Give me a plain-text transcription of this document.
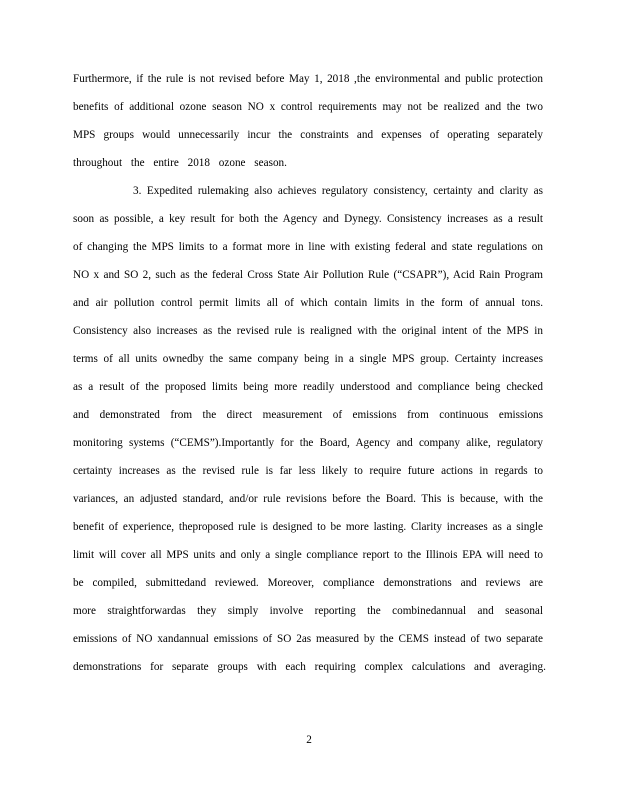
Furthermore, if the rule is not revised before May 1, 2018 ,the environmental and public protection
benefits of additional ozone season NO x control requirements may not be realized and the two
MPS groups would unnecessarily incur the constraints and expenses of operating separately
throughout the entire 2018 ozone season.
3. Expedited rulemaking also achieves regulatory consistency, certainty and clarity as
soon as possible, a key result for both the Agency and Dynegy. Consistency increases as a result
of changing the MPS limits to a format more in line with existing federal and state regulations on
NO x and SO 2, such as the federal Cross State Air Pollution Rule (“CSAPR”), Acid Rain Program
and air pollution control permit limits all of which contain limits in the form of annual tons.
Consistency also increases as the revised rule is realigned with the original intent of the MPS in
terms of all units ownedby the same company being in a single MPS group. Certainty increases
as a result of the proposed limits being more readily understood and compliance being checked
and demonstrated from the direct measurement of emissions from continuous emissions
monitoring systems (“CEMS”).Importantly for the Board, Agency and company alike, regulatory
certainty increases as the revised rule is far less likely to require future actions in regards to
variances, an adjusted standard, and/or rule revisions before the Board. This is because, with the
benefit of experience, theproposed rule is designed to be more lasting. Clarity increases as a single
limit will cover all MPS units and only a single compliance report to the Illinois EPA will need to
be compiled, submittedand reviewed. Moreover, compliance demonstrations and reviews are
more straightforwardas they simply involve reporting the combinedannual and seasonal
emissions of NO xandannual emissions of SO 2as measured by the CEMS instead of two separate
demonstrations for separate groups with each requiring complex calculations and averaging.
2
